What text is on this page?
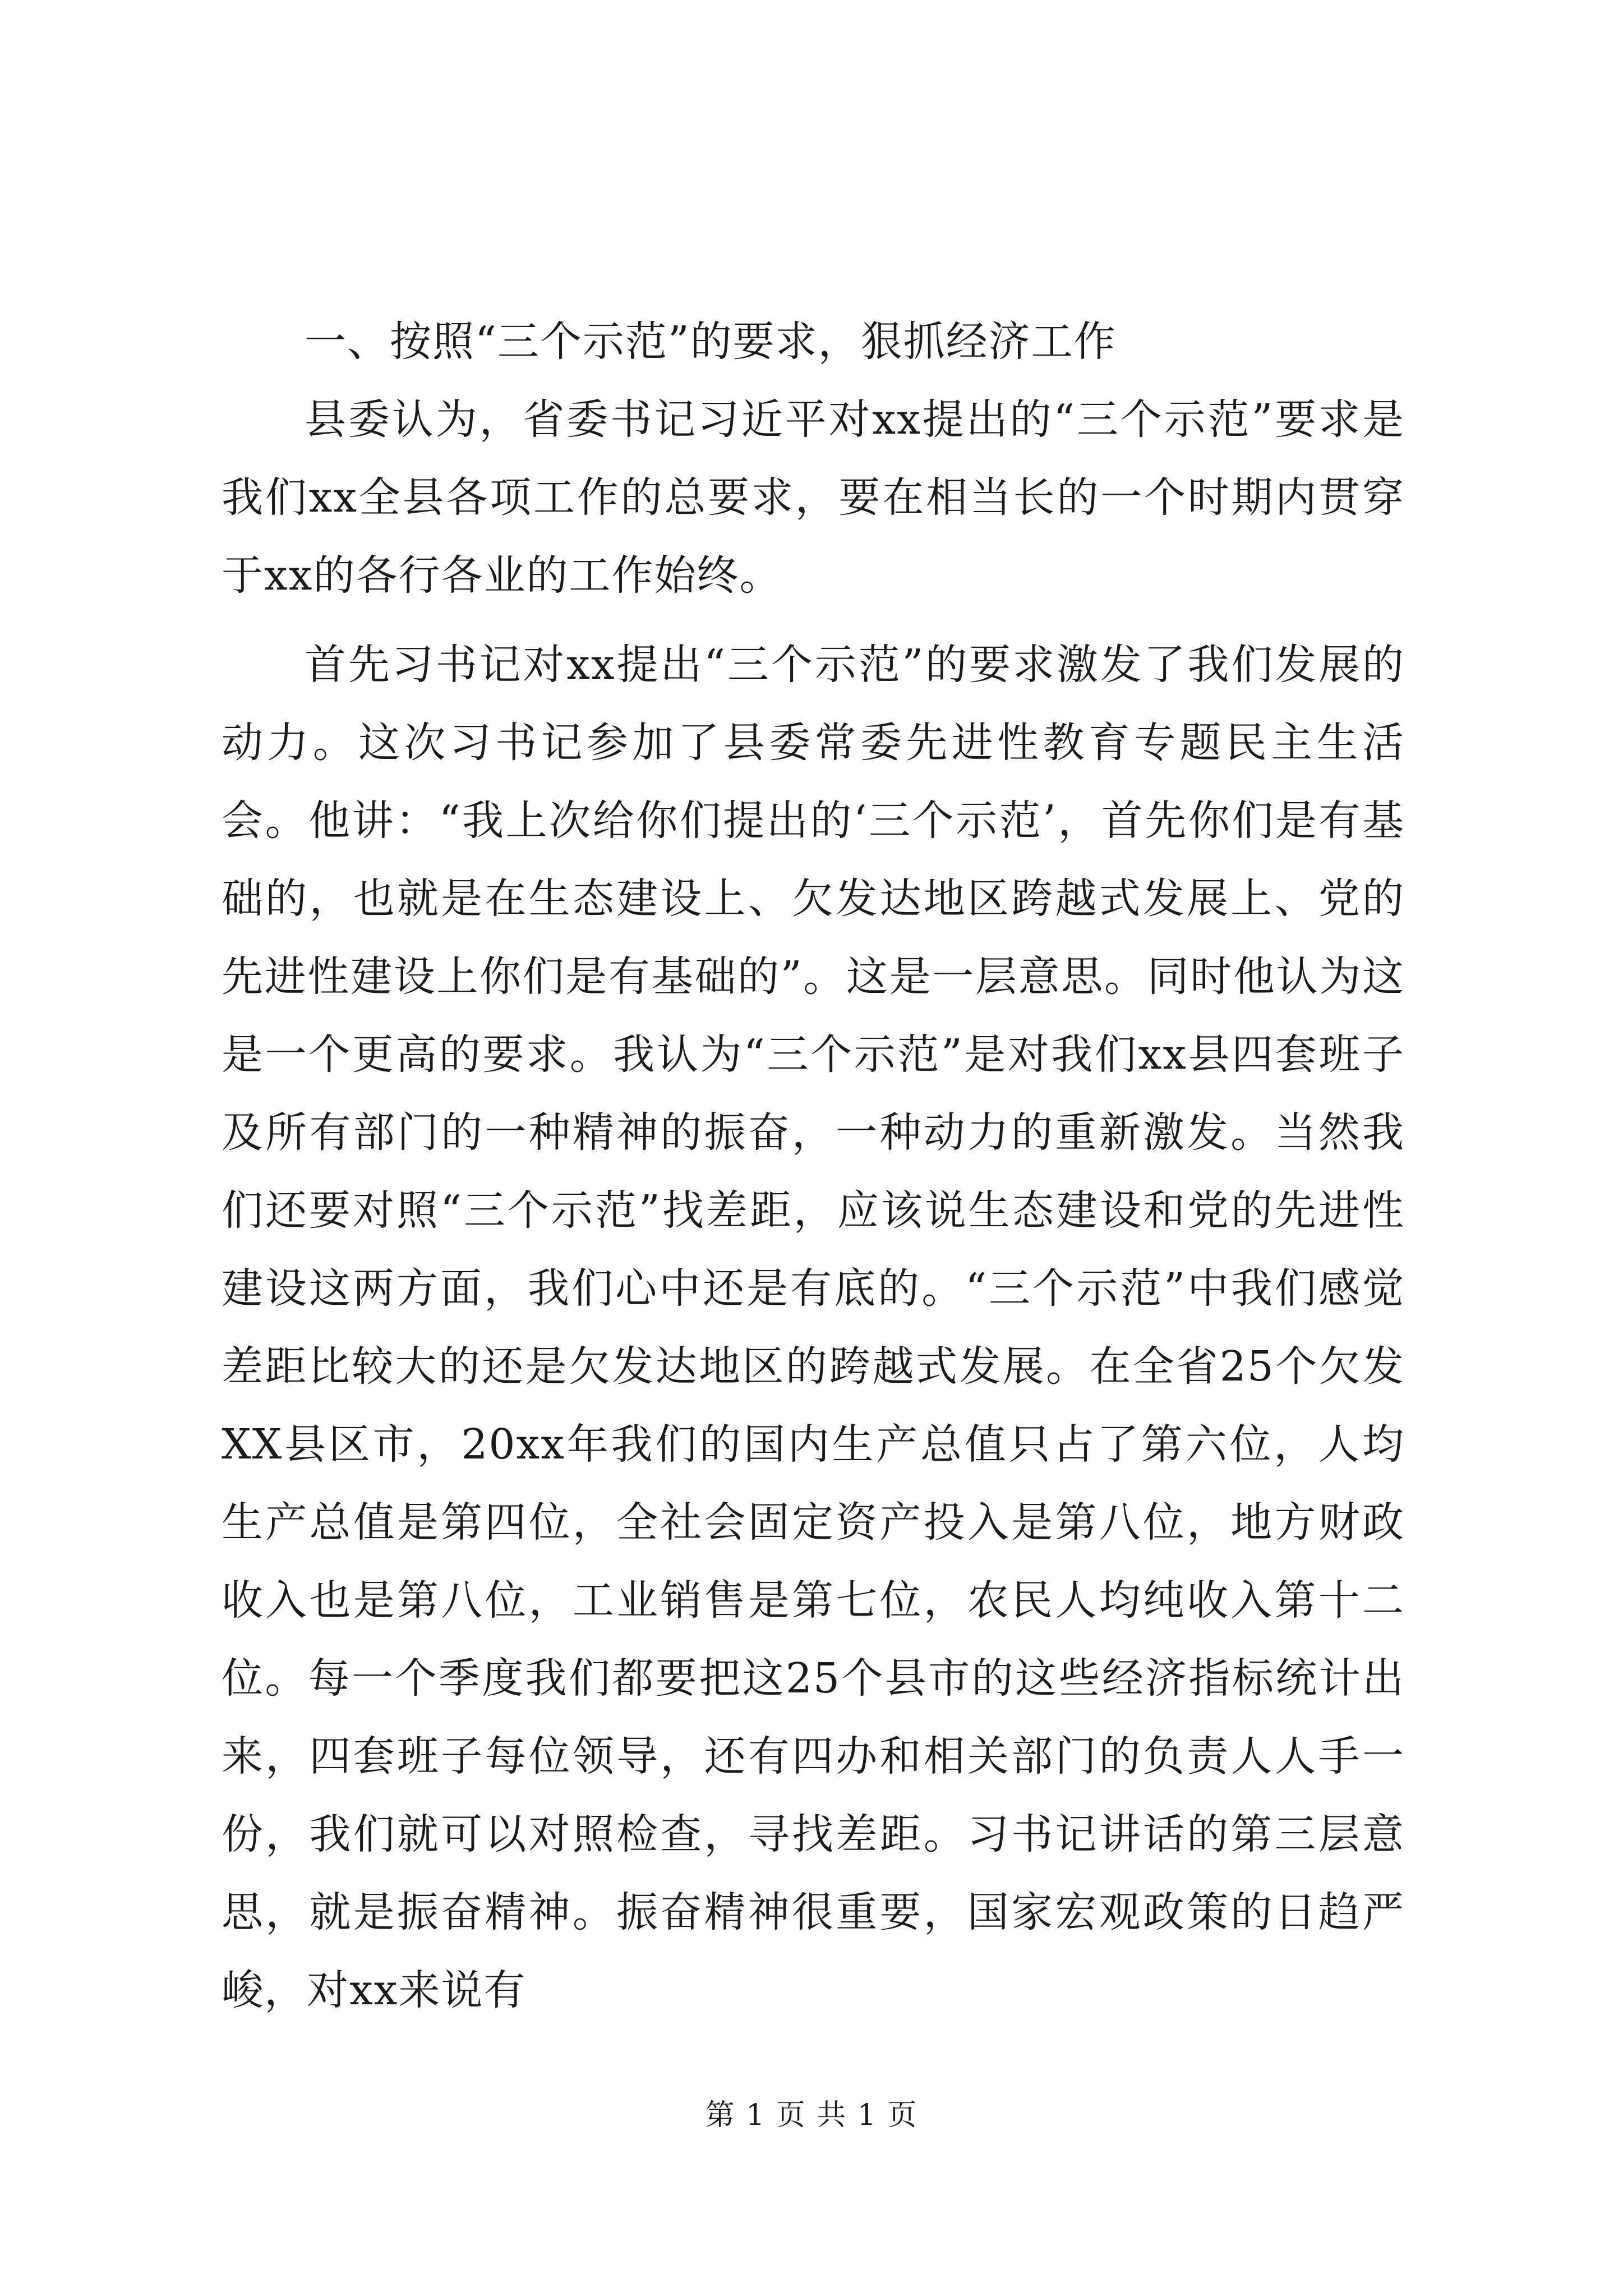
一、按照“三个示范”的要求，狠抓经济工作

县委认为，省委书记习近平对xx提出的“三个示范”要求是我们xx全县各项工作的总要求，要在相当长的一个时期内贯穿于xx的各行各业的工作始终。

首先习书记对xx提出“三个示范”的要求激发了我们发展的动力。这次习书记参加了县委常委先进性教育专题民主生活会。他讲：“我上次给你们提出的‘三个示范’，首先你们是有基础的，也就是在生态建设上、欠发达地区跨越式发展上、党的先进性建设上你们是有基础的”。这是一层意思。同时他认为这是一个更高的要求。我认为“三个示范”是对我们xx县四套班子及所有部门的一种精神的振奋，一种动力的重新激发。当然我们还要对照“三个示范”找差距，应该说生态建设和党的先进性建设这两方面，我们心中还是有底的。“三个示范”中我们感觉差距比较大的还是欠发达地区的跨越式发展。在全省25个欠发XX县区市，20xx年我们的国内生产总值只占了第六位，人均生产总值是第四位，全社会固定资产投入是第八位，地方财政收入也是第八位，工业销售是第七位，农民人均纯收入第十二位。每一个季度我们都要把这25个县市的这些经济指标统计出来，四套班子每位领导，还有四办和相关部门的负责人人手一份，我们就可以对照检查，寻找差距。习书记讲话的第三层意思，就是振奋精神。振奋精神很重要，国家宏观政策的日趋严峻，对xx来说有

第 1 页 共 1 页
